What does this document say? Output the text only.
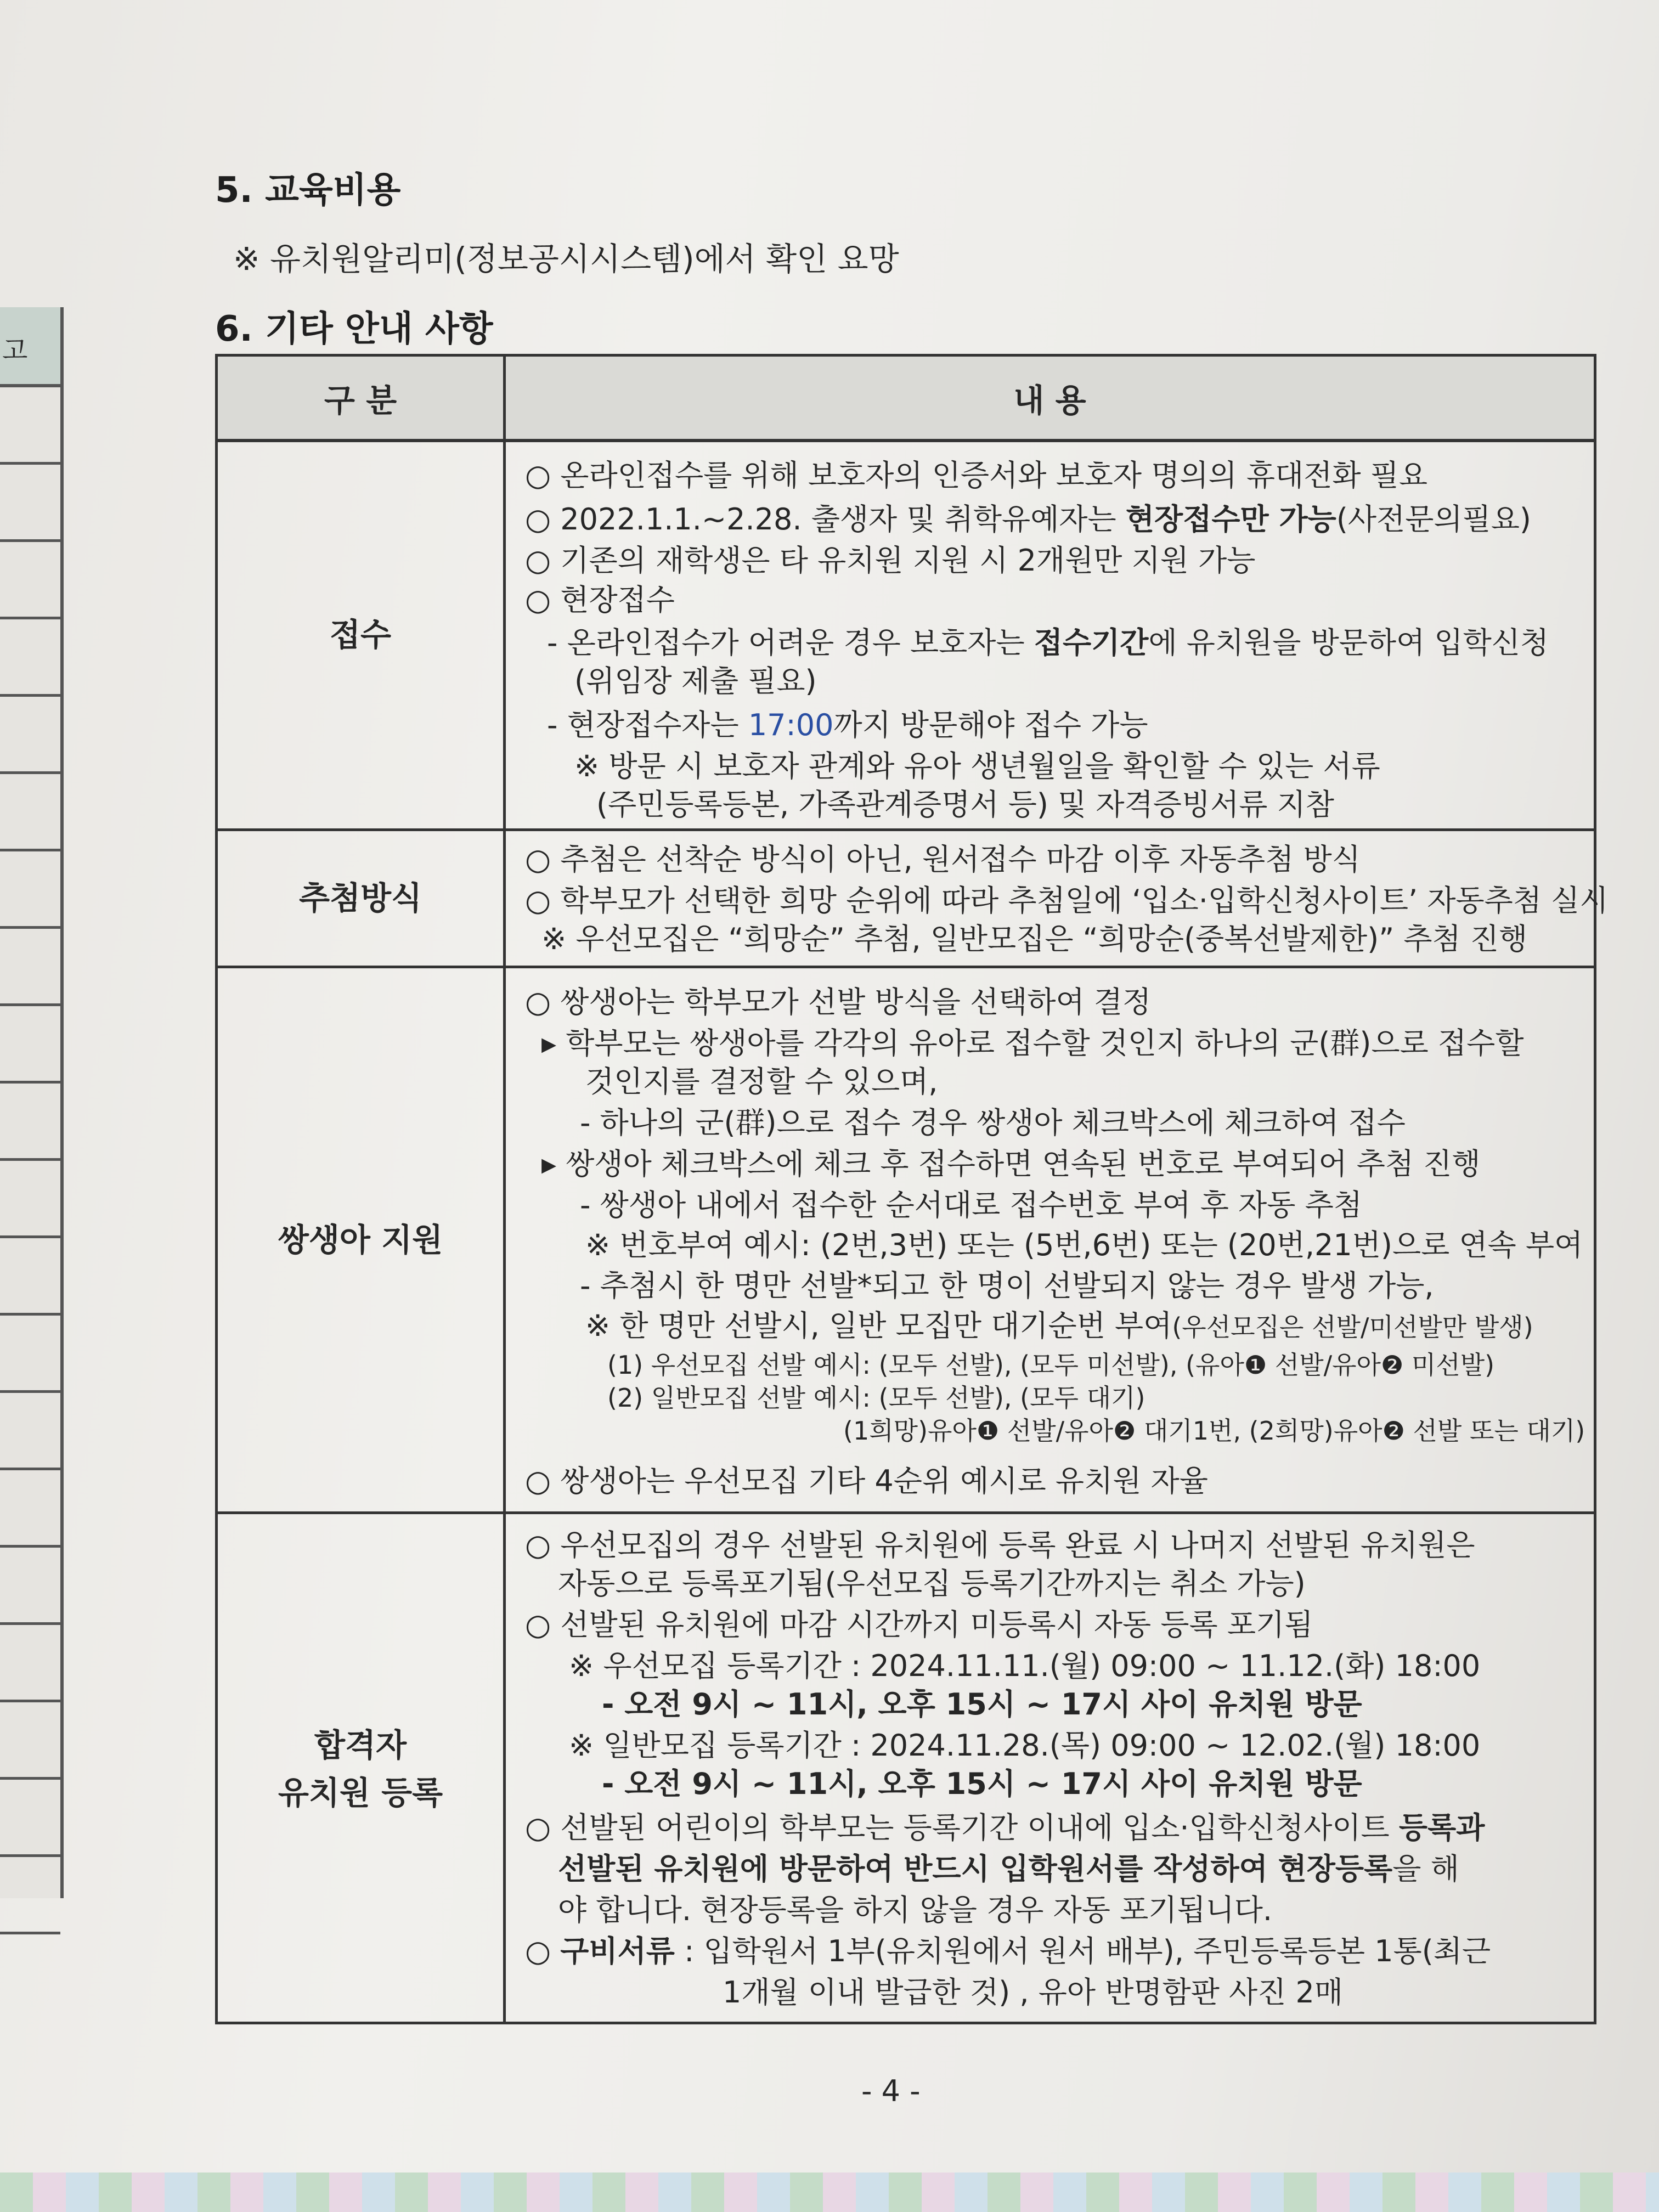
고
5. 교육비용
※ 유치원알리미(정보공시시스템)에서 확인 요망
6. 기타 안내 사항
구 분	내 용
접수
○ 온라인접수를 위해 보호자의 인증서와 보호자 명의의 휴대전화 필요
○ 2022.1.1.~2.28. 출생자 및 취학유예자는 현장접수만 가능(사전문의필요)
○ 기존의 재학생은 타 유치원 지원 시 2개원만 지원 가능
○ 현장접수
- 온라인접수가 어려운 경우 보호자는 접수기간에 유치원을 방문하여 입학신청
(위임장 제출 필요)
- 현장접수자는 17:00까지 방문해야 접수 가능
※ 방문 시 보호자 관계와 유아 생년월일을 확인할 수 있는 서류
(주민등록등본, 가족관계증명서 등) 및 자격증빙서류 지참
추첨방식
○ 추첨은 선착순 방식이 아닌, 원서접수 마감 이후 자동추첨 방식
○ 학부모가 선택한 희망 순위에 따라 추첨일에 ‘입소·입학신청사이트’ 자동추첨 실시
※ 우선모집은 “희망순” 추첨, 일반모집은 “희망순(중복선발제한)” 추첨 진행
쌍생아 지원
○ 쌍생아는 학부모가 선발 방식을 선택하여 결정
▸ 학부모는 쌍생아를 각각의 유아로 접수할 것인지 하나의 군(群)으로 접수할
것인지를 결정할 수 있으며,
- 하나의 군(群)으로 접수 경우 쌍생아 체크박스에 체크하여 접수
▸ 쌍생아 체크박스에 체크 후 접수하면 연속된 번호로 부여되어 추첨 진행
- 쌍생아 내에서 접수한 순서대로 접수번호 부여 후 자동 추첨
※ 번호부여 예시: (2번,3번) 또는 (5번,6번) 또는 (20번,21번)으로 연속 부여
- 추첨시 한 명만 선발*되고 한 명이 선발되지 않는 경우 발생 가능,
※ 한 명만 선발시, 일반 모집만 대기순번 부여(우선모집은 선발/미선발만 발생)
(1) 우선모집 선발 예시: (모두 선발), (모두 미선발), (유아❶ 선발/유아❷ 미선발)
(2) 일반모집 선발 예시: (모두 선발), (모두 대기)
(1희망)유아❶ 선발/유아❷ 대기1번, (2희망)유아❷ 선발 또는 대기)
○ 쌍생아는 우선모집 기타 4순위 예시로 유치원 자율
합격자
유치원 등록
○ 우선모집의 경우 선발된 유치원에 등록 완료 시 나머지 선발된 유치원은
자동으로 등록포기됨(우선모집 등록기간까지는 취소 가능)
○ 선발된 유치원에 마감 시간까지 미등록시 자동 등록 포기됨
※ 우선모집 등록기간 : 2024.11.11.(월) 09:00 ~ 11.12.(화) 18:00
- 오전 9시 ~ 11시, 오후 15시 ~ 17시 사이 유치원 방문
※ 일반모집 등록기간 : 2024.11.28.(목) 09:00 ~ 12.02.(월) 18:00
- 오전 9시 ~ 11시, 오후 15시 ~ 17시 사이 유치원 방문
○ 선발된 어린이의 학부모는 등록기간 이내에 입소·입학신청사이트 등록과
선발된 유치원에 방문하여 반드시 입학원서를 작성하여 현장등록을 해
야 합니다. 현장등록을 하지 않을 경우 자동 포기됩니다.
○ 구비서류 : 입학원서 1부(유치원에서 원서 배부), 주민등록등본 1통(최근
1개월 이내 발급한 것) , 유아 반명함판 사진 2매
- 4 -
